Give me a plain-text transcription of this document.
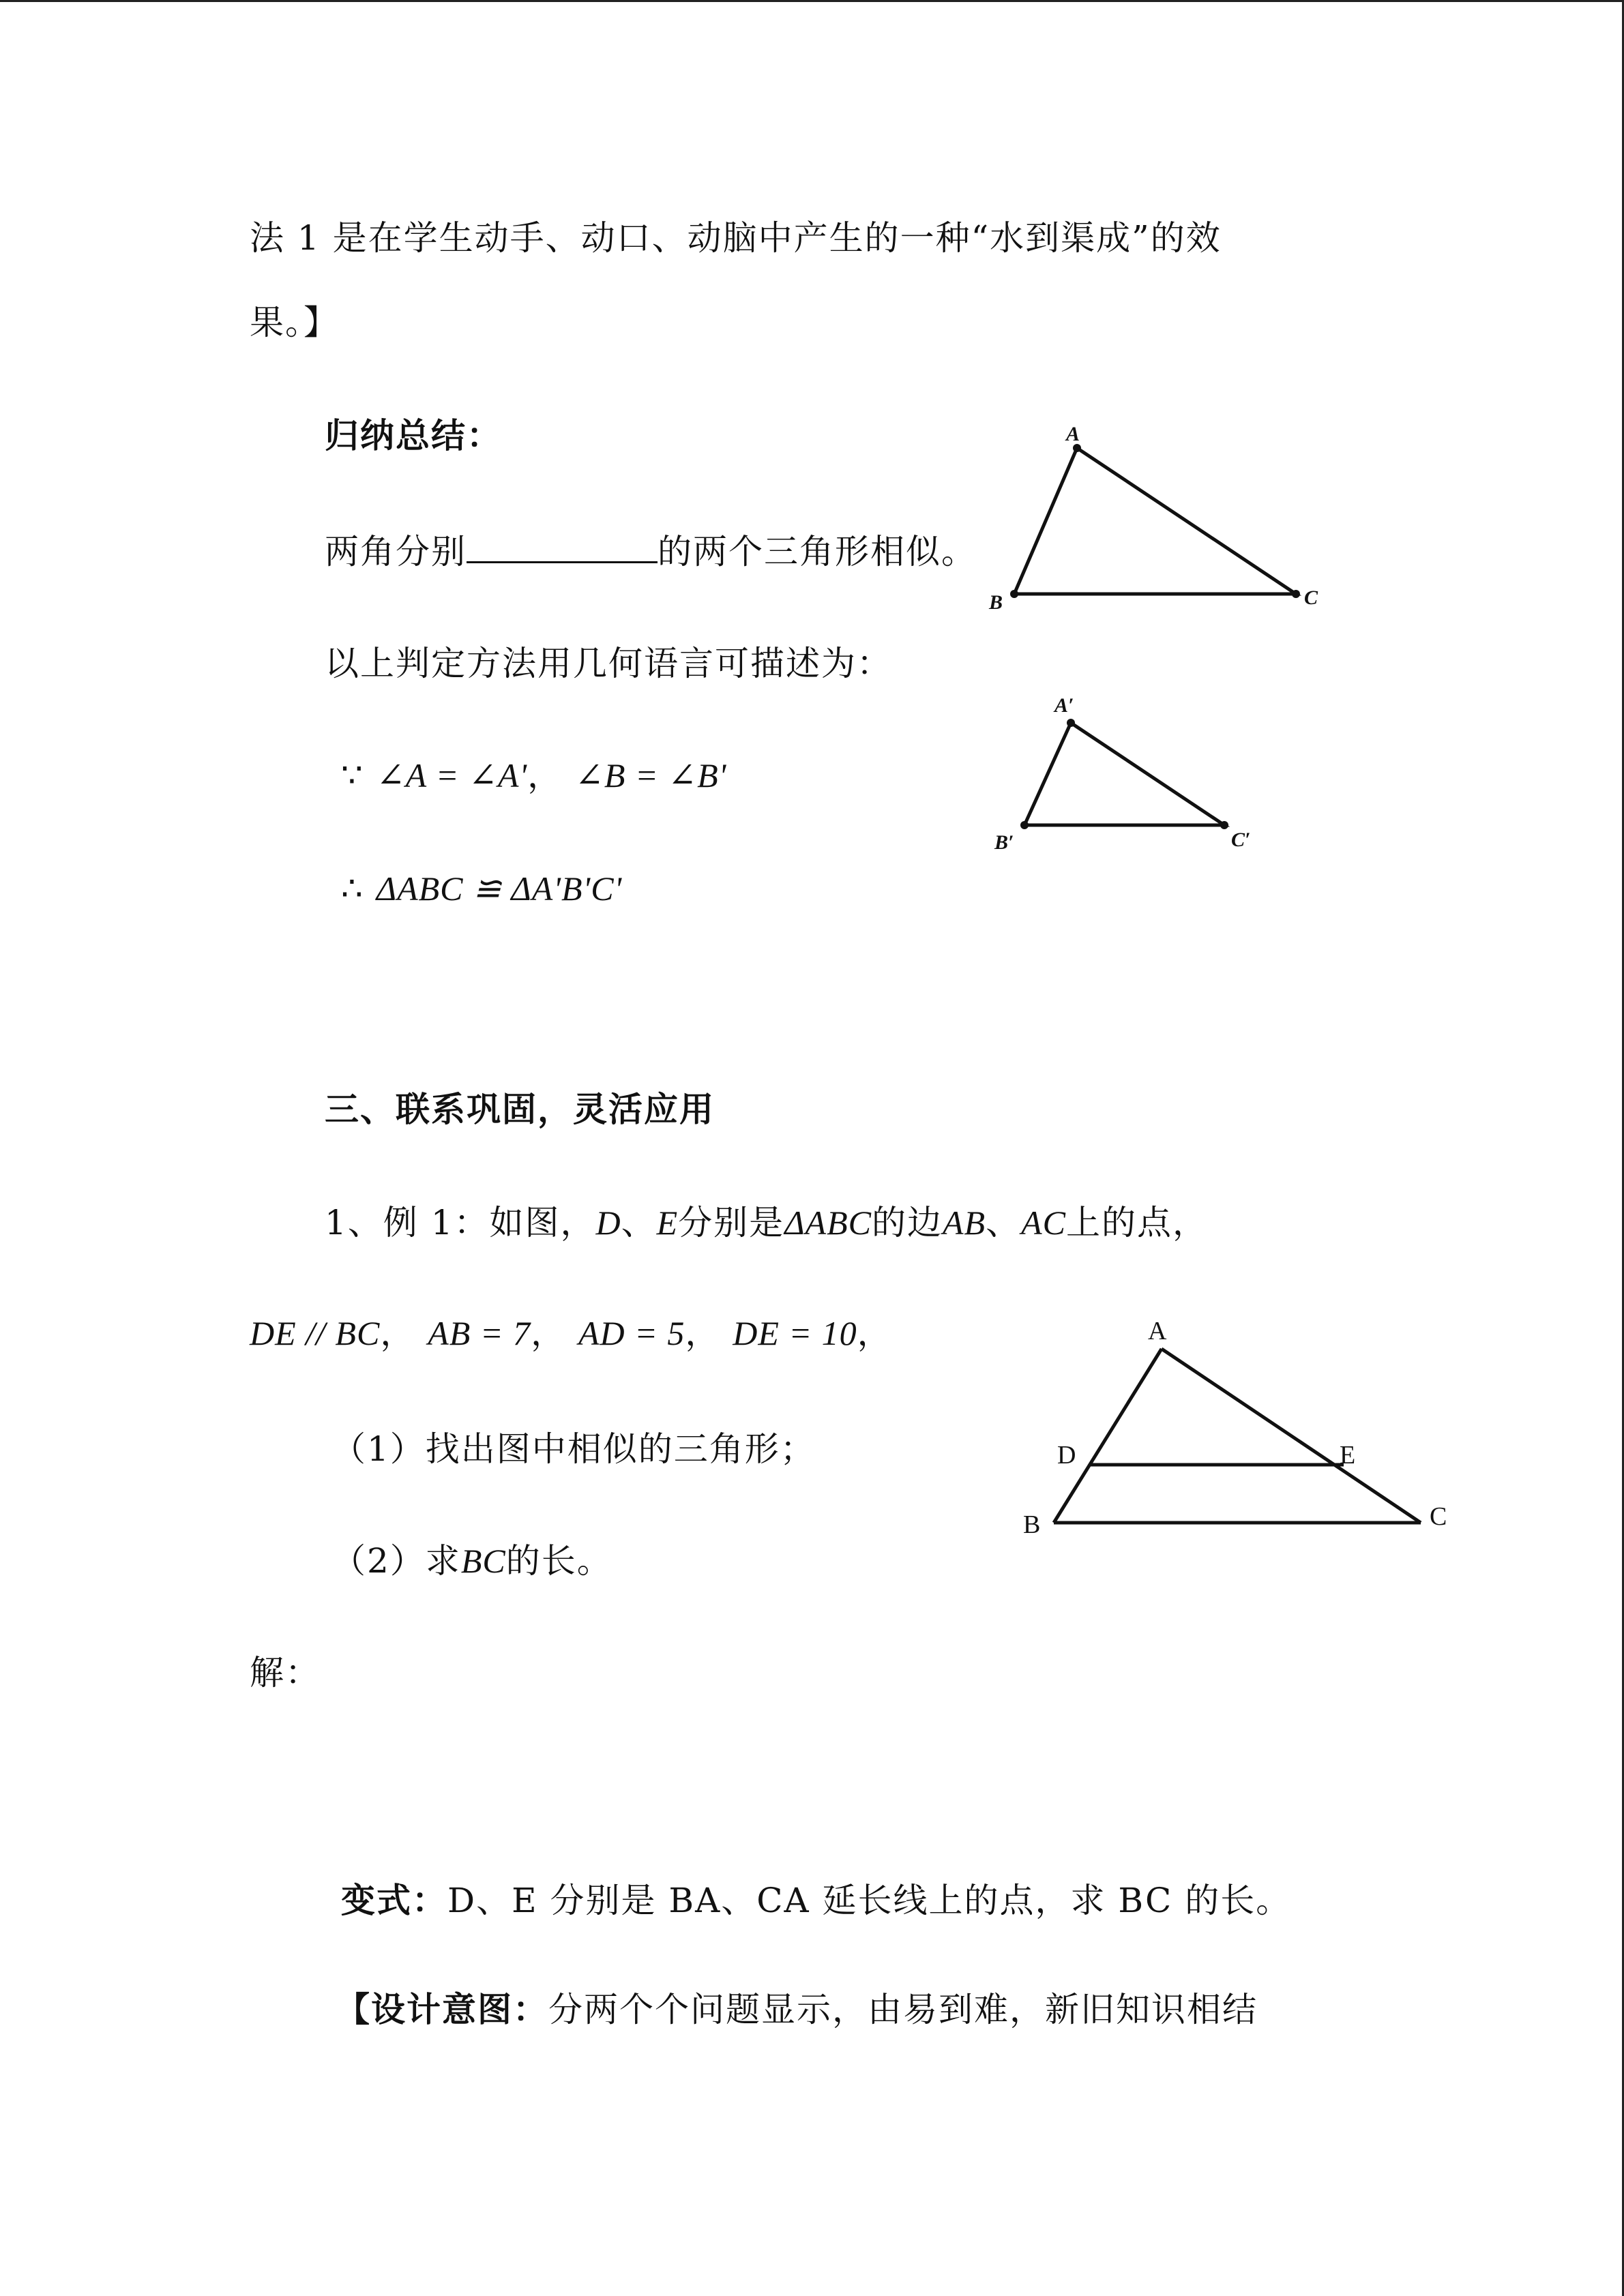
法 1 是在学生动手、动口、动脑中产生的一种“水到渠成”的效
果。】
归纳总结：
两角分别	的两个三角形相似。
以上判定方法用几何语言可描述为：
∵ ∠A = ∠A'， ∠B = ∠B'
∴ ΔABC ≌ ΔA'B'C'
A
B	C
A′
B′	C′
三、联系巩固，灵活应用
1、例 1：如图，D、E分别是ΔABC的边AB、AC上的点，
DE // BC， AB = 7， AD = 5， DE = 10，
（1）找出图中相似的三角形；
（2）求BC的长。
解：
A
B	C
D	E
变式：D、E 分别是 BA、CA 延长线上的点，求 BC 的长。
【设计意图：分两个个问题显示，由易到难，新旧知识相结
